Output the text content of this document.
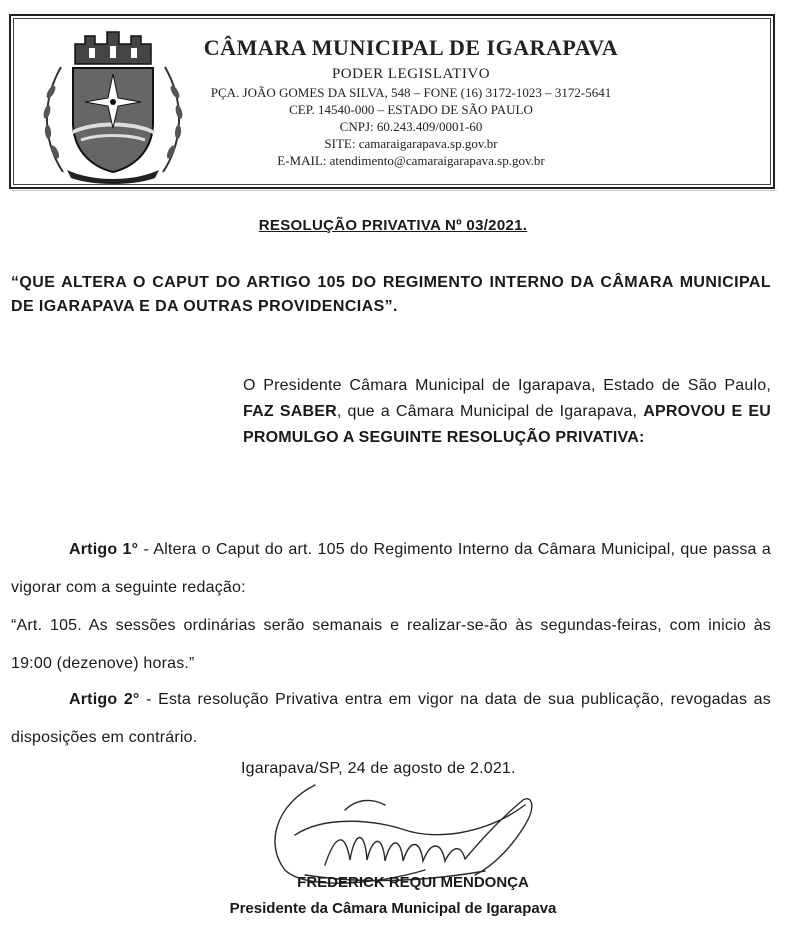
CÂMARA MUNICIPAL DE IGARAPAVA
PODER LEGISLATIVO
PÇA. JOÃO GOMES DA SILVA, 548 – FONE (16) 3172-1023 – 3172-5641
CEP. 14540-000 – ESTADO DE SÃO PAULO
CNPJ: 60.243.409/0001-60
SITE: camaraigarapava.sp.gov.br
E-MAIL: atendimento@camaraigarapava.sp.gov.br
RESOLUÇÃO PRIVATIVA Nº 03/2021.
“QUE ALTERA O CAPUT DO ARTIGO 105 DO REGIMENTO INTERNO DA CÂMARA MUNICIPAL DE IGARAPAVA E DA OUTRAS PROVIDENCIAS”.
O Presidente Câmara Municipal de Igarapava, Estado de São Paulo, FAZ SABER, que a Câmara Municipal de Igarapava, APROVOU E EU PROMULGO A SEGUINTE RESOLUÇÃO PRIVATIVA:
Artigo 1° - Altera o Caput do art. 105 do Regimento Interno da Câmara Municipal, que passa a vigorar com a seguinte redação:
“Art. 105. As sessões ordinárias serão semanais e realizar-se-ão às segundas-feiras, com inicio às 19:00 (dezenove) horas.”
Artigo 2° - Esta resolução Privativa entra em vigor na data de sua publicação, revogadas as disposições em contrário.
Igarapava/SP, 24 de agosto de 2.021.
FREDERICK REQUI MENDONÇA
Presidente da Câmara Municipal de Igarapava
